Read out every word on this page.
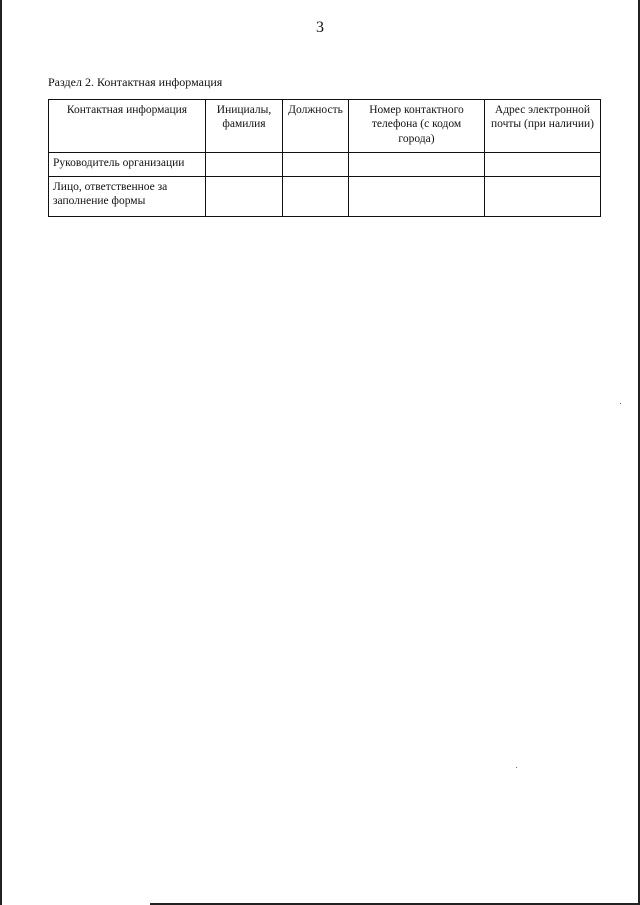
3
Раздел 2. Контактная информация
Контактная информация	Инициалы, фамилия	Должность	Номер контактного телефона (с кодом города)	Адрес электронной почты (при наличии)
Руководитель организации				
Лицо, ответственное за заполнение формы				
